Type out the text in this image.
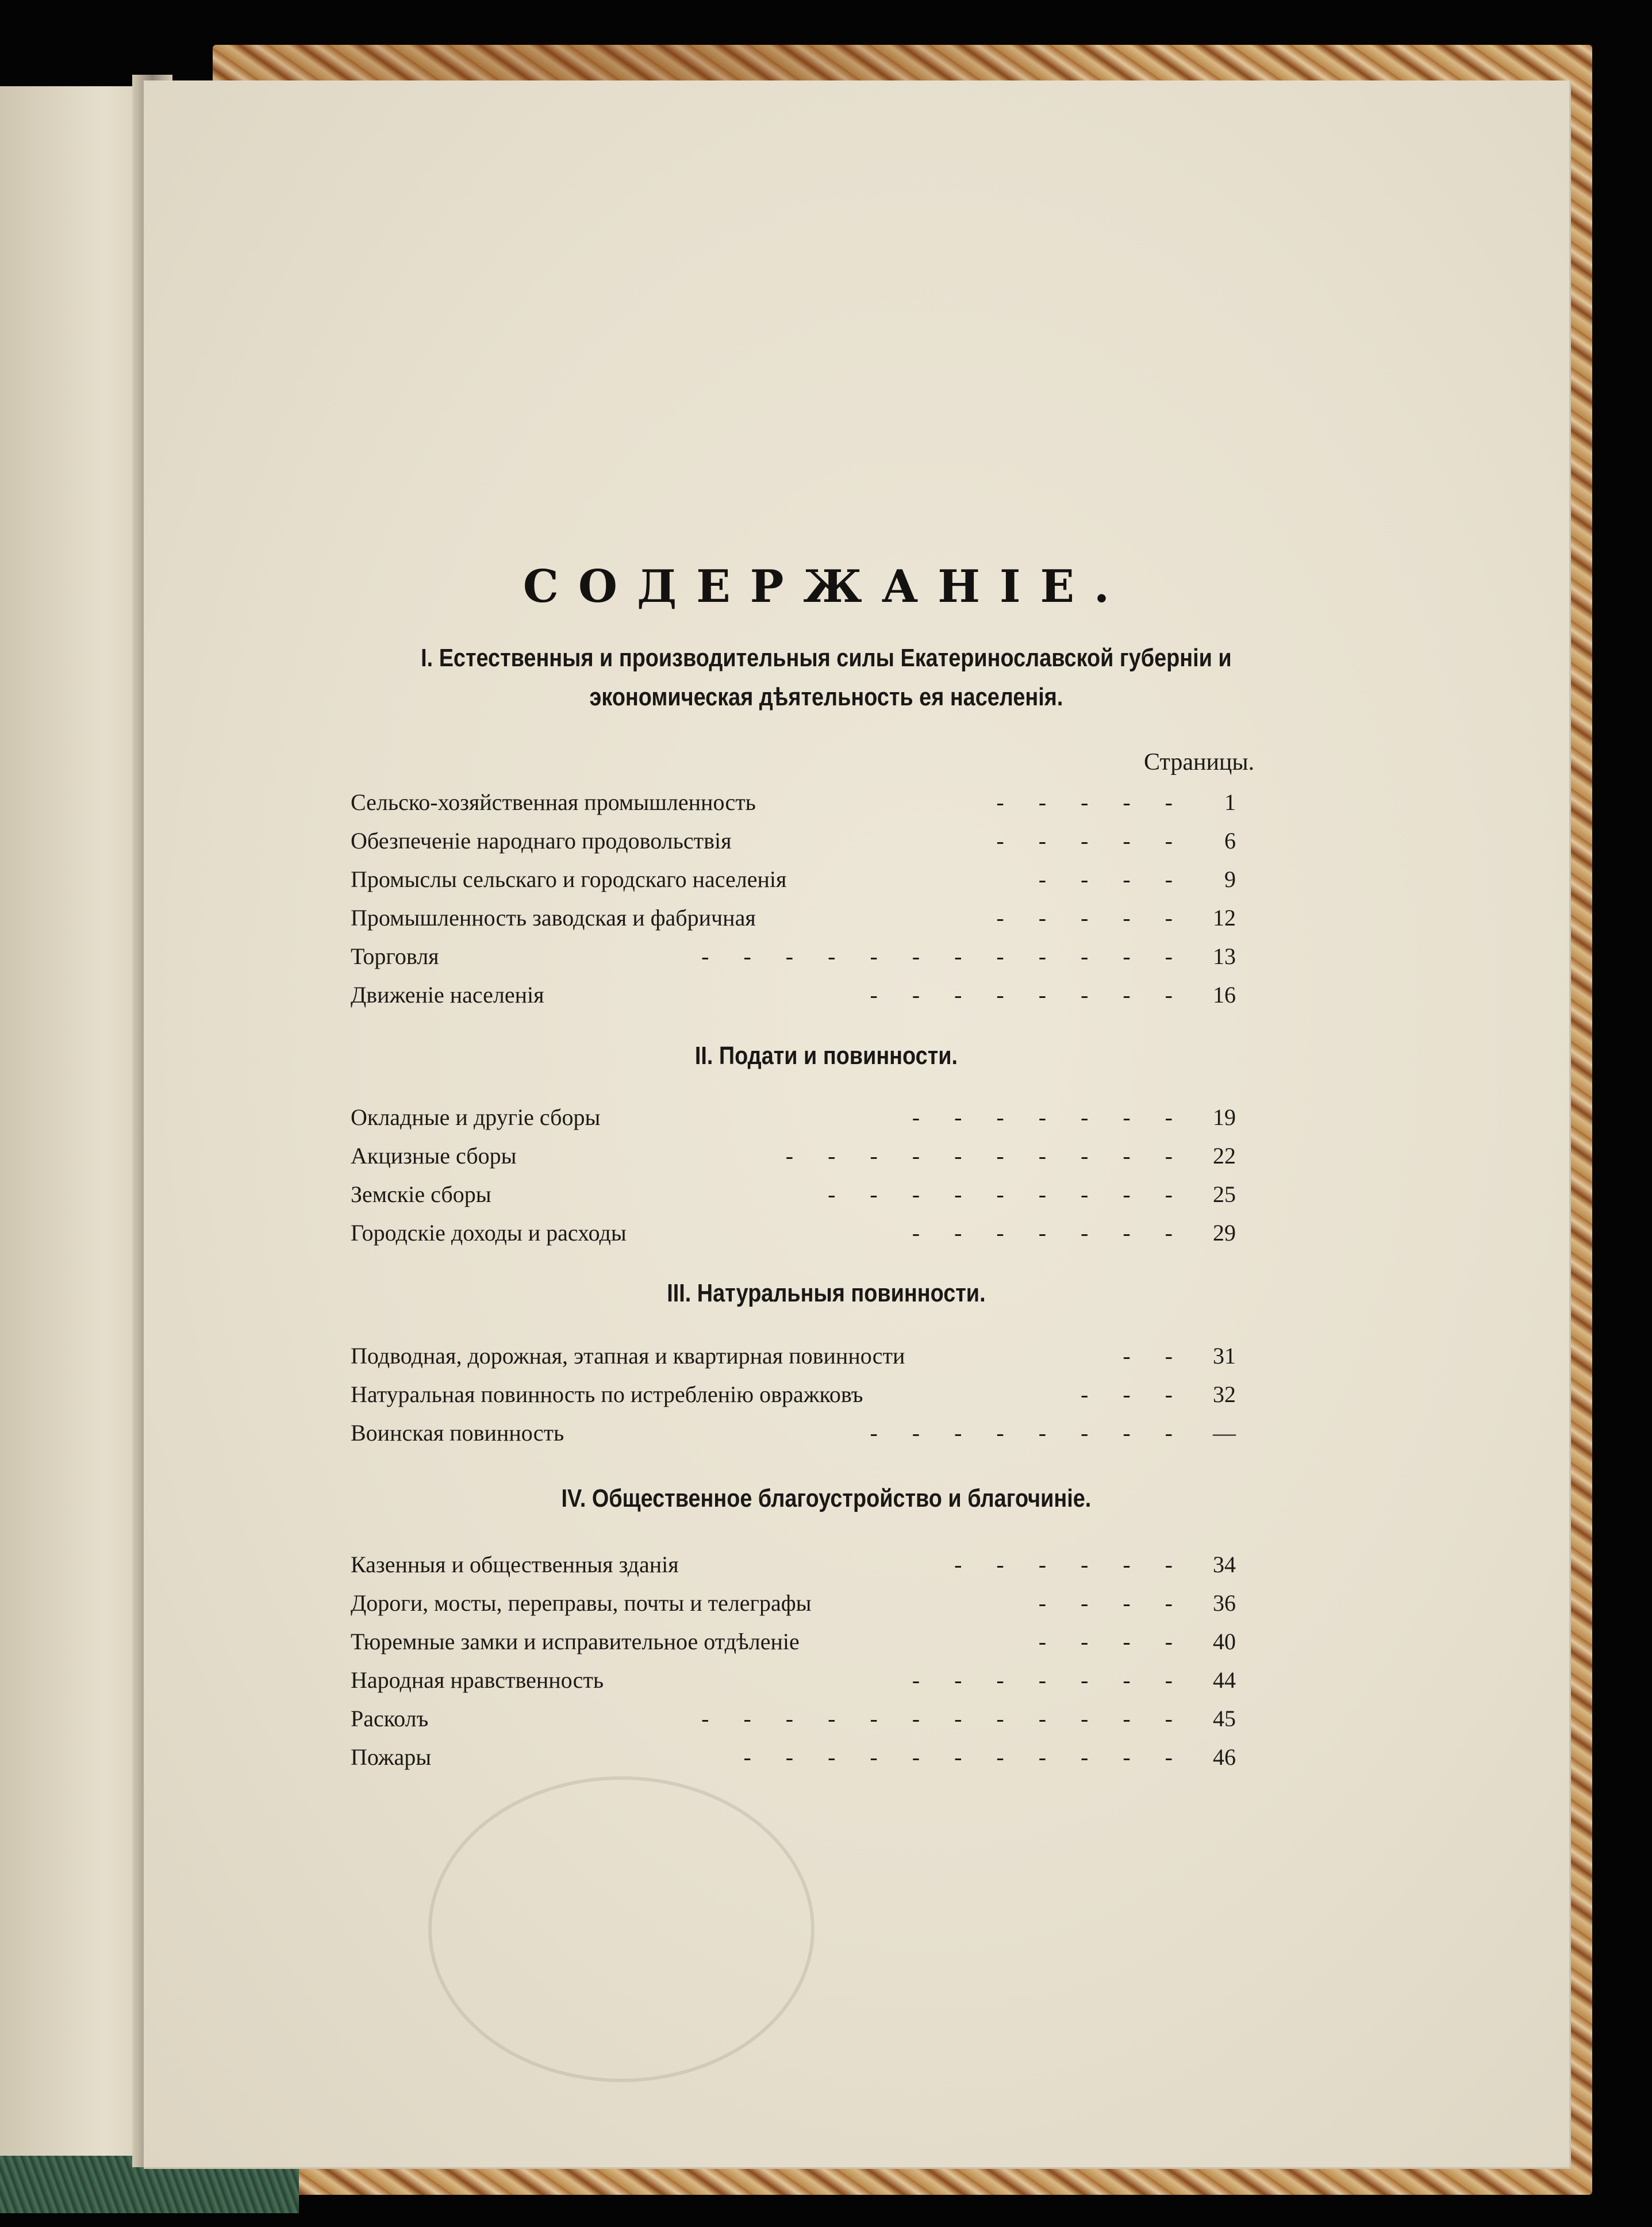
СОДЕРЖАНІЕ.
I. Естественныя и производительныя силы Екатеринославской губерніи и
экономическая дѣятельность ея населенія.
Страницы.
Сельско-хозяйственная промышленность	-      -      -      -      -	1
Обезпеченіе народнаго продовольствія	-      -      -      -      -	6
Промыслы сельскаго и городскаго населенія	-      -      -      -	9
Промышленность заводская и фабричная	-      -      -      -      -	12
Торговля	-      -      -      -      -      -      -      -      -      -      -      -	13
Движеніе населенія	-      -      -      -      -      -      -      -	16
II. Подати и повинности.
Окладные и другіе сборы	-      -      -      -      -      -      -	19
Акцизные сборы	-      -      -      -      -      -      -      -      -      -	22
Земскіе сборы	-      -      -      -      -      -      -      -      -	25
Городскіе доходы и расходы	-      -      -      -      -      -      -	29
III. Натуральныя повинности.
Подводная, дорожная, этапная и квартирная повинности	-      -	31
Натуральная повинность по истребленію овражковъ	-      -      -	32
Воинская повинность	-      -      -      -      -      -      -      -	—
IV. Общественное благоустройство и благочиніе.
Казенныя и общественныя зданія	-      -      -      -      -      -	34
Дороги, мосты, переправы, почты и телеграфы	-      -      -      -	36
Тюремные замки и исправительное отдѣленіе	-      -      -      -	40
Народная нравственность	-      -      -      -      -      -      -	44
Расколъ	-      -      -      -      -      -      -      -      -      -      -      -	45
Пожары	-      -      -      -      -      -      -      -      -      -      -	46
